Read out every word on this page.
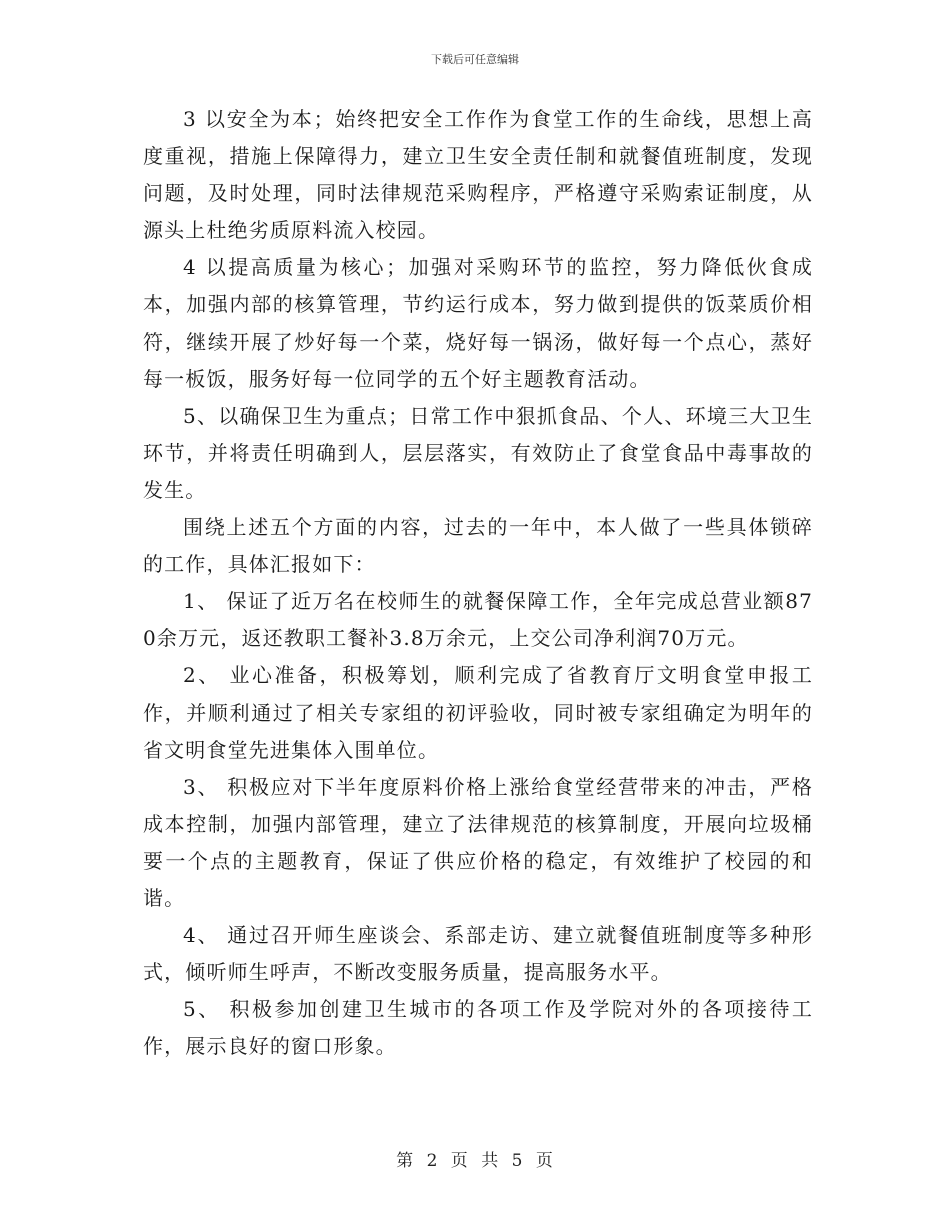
下载后可任意编辑

3 以安全为本；始终把安全工作作为食堂工作的生命线，思想上高度重视，措施上保障得力，建立卫生安全责任制和就餐值班制度，发现问题，及时处理，同时法律规范采购程序，严格遵守采购索证制度，从源头上杜绝劣质原料流入校园。

4 以提高质量为核心；加强对采购环节的监控，努力降低伙食成本，加强内部的核算管理，节约运行成本，努力做到提供的饭菜质价相符，继续开展了炒好每一个菜，烧好每一锅汤，做好每一个点心，蒸好每一板饭，服务好每一位同学的五个好主题教育活动。

5、以确保卫生为重点；日常工作中狠抓食品、个人、环境三大卫生环节，并将责任明确到人，层层落实，有效防止了食堂食品中毒事故的发生。

围绕上述五个方面的内容，过去的一年中，本人做了一些具体锁碎的工作，具体汇报如下：

1、 保证了近万名在校师生的就餐保障工作，全年完成总营业额870余万元，返还教职工餐补3.8万余元，上交公司净利润70万元。

2、 业心准备，积极筹划，顺利完成了省教育厅文明食堂申报工作，并顺利通过了相关专家组的初评验收，同时被专家组确定为明年的省文明食堂先进集体入围单位。

3、 积极应对下半年度原料价格上涨给食堂经营带来的冲击，严格成本控制，加强内部管理，建立了法律规范的核算制度，开展向垃圾桶要一个点的主题教育，保证了供应价格的稳定，有效维护了校园的和谐。

4、 通过召开师生座谈会、系部走访、建立就餐值班制度等多种形式，倾听师生呼声，不断改变服务质量，提高服务水平。

5、 积极参加创建卫生城市的各项工作及学院对外的各项接待工作，展示良好的窗口形象。

第 2 页 共 5 页
